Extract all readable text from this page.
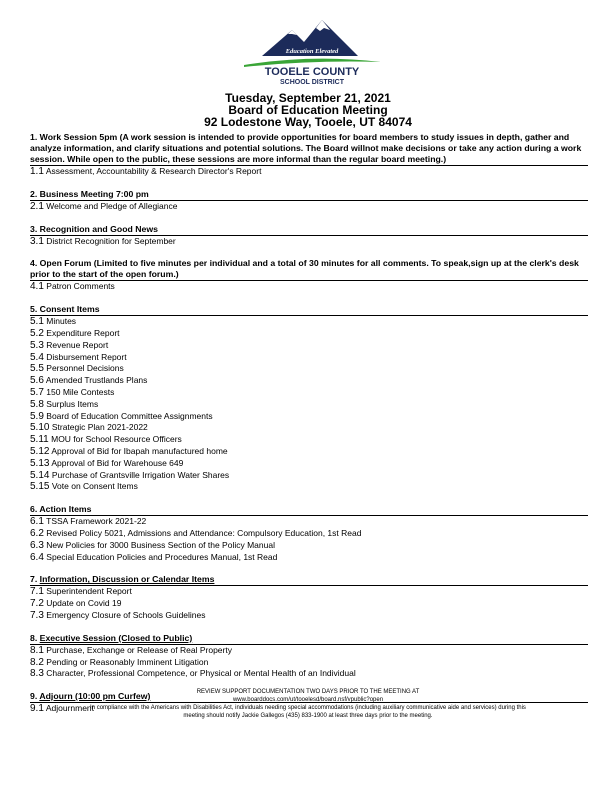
Education Elevated
TOOELE COUNTY
SCHOOL DISTRICT
Tuesday, September 21, 2021
Board of Education Meeting
92 Lodestone Way, Tooele, UT 84074
1. Work Session 5pm (A work session is intended to provide opportunities for board members to study issues in depth, gather and analyze information, and clarify situations and potential solutions. The Board willnot make decisions or take any action during a work session. While open to the public, these sessions are more informal than the regular board meeting.)
1.1 Assessment, Accountability & Research Director's Report
2. Business Meeting 7:00 pm
2.1 Welcome and Pledge of Allegiance
3. Recognition and Good News
3.1 District Recognition for September
4. Open Forum (Limited to five minutes per individual and a total of 30 minutes for all comments. To speak,sign up at the clerk's desk prior to the start of the open forum.)
4.1 Patron Comments
5. Consent Items
5.1 Minutes
5.2 Expenditure Report
5.3 Revenue Report
5.4 Disbursement Report
5.5 Personnel Decisions
5.6 Amended Trustlands Plans
5.7 150 Mile Contests
5.8 Surplus Items
5.9 Board of Education Committee Assignments
5.10 Strategic Plan 2021-2022
5.11 MOU for School Resource Officers
5.12 Approval of Bid for Ibapah manufactured home
5.13 Approval of Bid for Warehouse 649
5.14 Purchase of Grantsville Irrigation Water Shares
5.15 Vote on Consent Items
6. Action Items
6.1 TSSA Framework 2021-22
6.2 Revised Policy 5021, Admissions and Attendance: Compulsory Education, 1st Read
6.3 New Policies for 3000 Business Section of the Policy Manual
6.4 Special Education Policies and Procedures Manual, 1st Read
7. Information, Discussion or Calendar Items
7.1 Superintendent Report
7.2 Update on Covid 19
7.3 Emergency Closure of Schools Guidelines
8. Executive Session (Closed to Public)
8.1 Purchase, Exchange or Release of Real Property
8.2 Pending or Reasonably Imminent Litigation
8.3 Character, Professional Competence, or Physical or Mental Health of an Individual
9. Adjourn (10:00 pm Curfew)
9.1 Adjournment
REVIEW SUPPORT DOCUMENTATION TWO DAYS PRIOR TO THE MEETING AT
www.boarddocs.com/ut/tooelesd/board.nsf/vpublic?open
In compliance with the Americans with Disabilities Act, individuals needing special accommodations (including auxiliary communicative aide and services) during this
meeting should notify Jackie Gallegos (435) 833-1900 at least three days prior to the meeting.
